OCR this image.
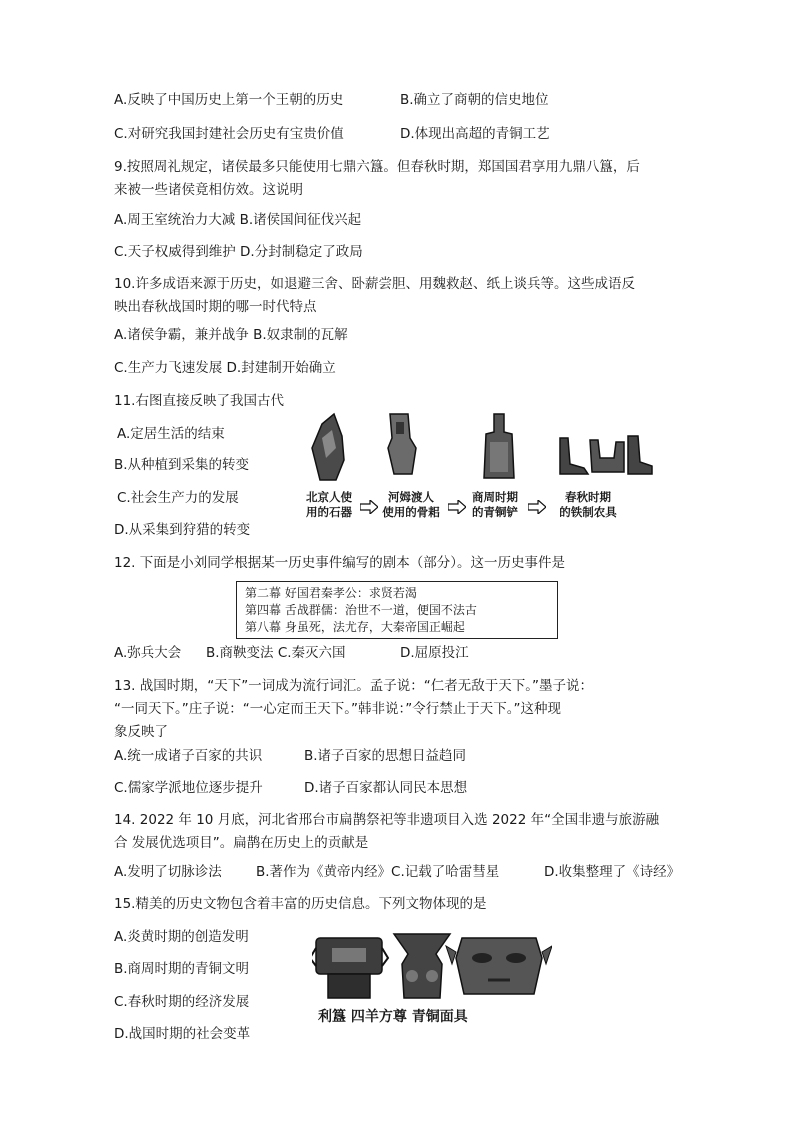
A.反映了中国历史上第一个王朝的历史	B.确立了商朝的信史地位
C.对研究我国封建社会历史有宝贵价值	D.体现出高超的青铜工艺
9.按照周礼规定，诸侯最多只能使用七鼎六簋。但春秋时期，郑国国君享用九鼎八簋，后
来被一些诸侯竟相仿效。这说明
A.周王室统治力大减 B.诸侯国间征伐兴起
C.天子权威得到维护 D.分封制稳定了政局
10.许多成语来源于历史，如退避三舍、卧薪尝胆、用魏救赵、纸上谈兵等。这些成语反
映出春秋战国时期的哪一时代特点
A.诸侯争霸，兼并战争 B.奴隶制的瓦解
C.生产力飞速发展 D.封建制开始确立
11.右图直接反映了我国古代
A.定居生活的结束
B.从种植到采集的转变
C.社会生产力的发展
D.从采集到狩猎的转变
北京人使
用的石器
河姆渡人
使用的骨耜
商周时期
的青铜铲
春秋时期
的铁制农具
12. 下面是小刘同学根据某一历史事件编写的剧本（部分）。这一历史事件是
第二幕 好国君秦孝公：求贤若渴
第四幕 舌战群儒：治世不一道，便国不法古
第八幕 身虽死，法尤存，大秦帝国正崛起
A.弥兵大会 B.商鞅变法 C.秦灭六国	D.屈原投江
13. 战国时期，“天下”一词成为流行词汇。孟子说：“仁者无敌于天下。”墨子说：
“一同天下。”庄子说：“一心定而王天下。”韩非说：”令行禁止于天下。”这种现
象反映了
A.统一成诸子百家的共识	B.诸子百家的思想日益趋同
C.儒家学派地位逐步提升	D.诸子百家都认同民本思想
14. 2022 年 10 月底，河北省邢台市扁鹊祭祀等非遗项目入选 2022 年“全国非遗与旅游融
合 发展优选项目”。扁鹊在历史上的贡献是
A.发明了切脉诊法	B.著作为《黄帝内经》C.记载了哈雷彗星	D.收集整理了《诗经》
15.精美的历史文物包含着丰富的历史信息。下列文物体现的是
A.炎黄时期的创造发明
B.商周时期的青铜文明
C.春秋时期的经济发展
D.战国时期的社会变革
利簋 四羊方尊 青铜面具
